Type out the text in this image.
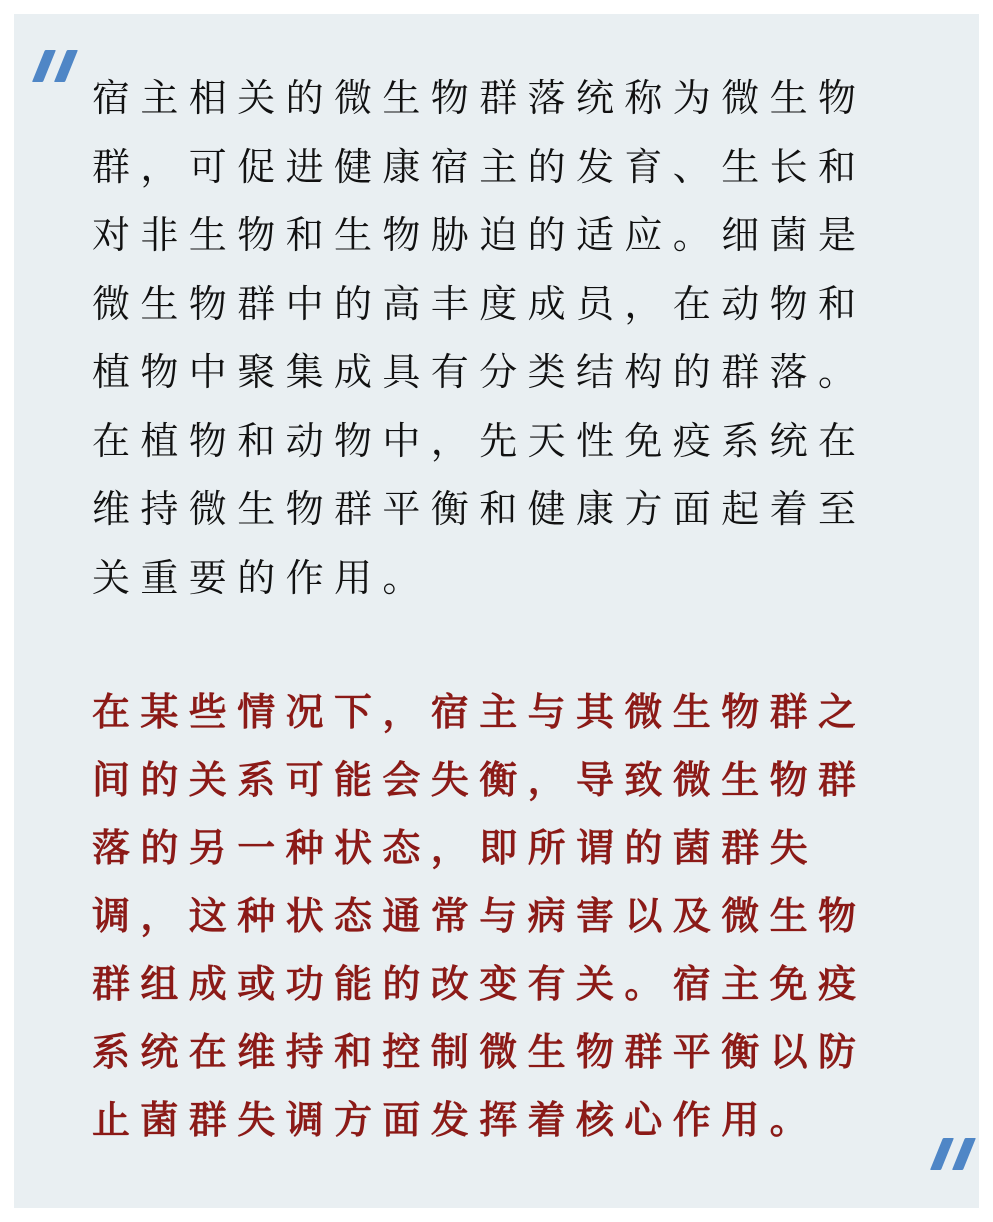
宿主相关的微生物群落统称为微生物群，可促进健康宿主的发育、生长和对非生物和生物胁迫的适应。细菌是微生物群中的高丰度成员，在动物和植物中聚集成具有分类结构的群落。在植物和动物中，先天性免疫系统在维持微生物群平衡和健康方面起着至关重要的作用。

在某些情况下，宿主与其微生物群之间的关系可能会失衡，导致微生物群落的另一种状态，即所谓的菌群失调，这种状态通常与病害以及微生物群组成或功能的改变有关。宿主免疫系统在维持和控制微生物群平衡以防止菌群失调方面发挥着核心作用。
